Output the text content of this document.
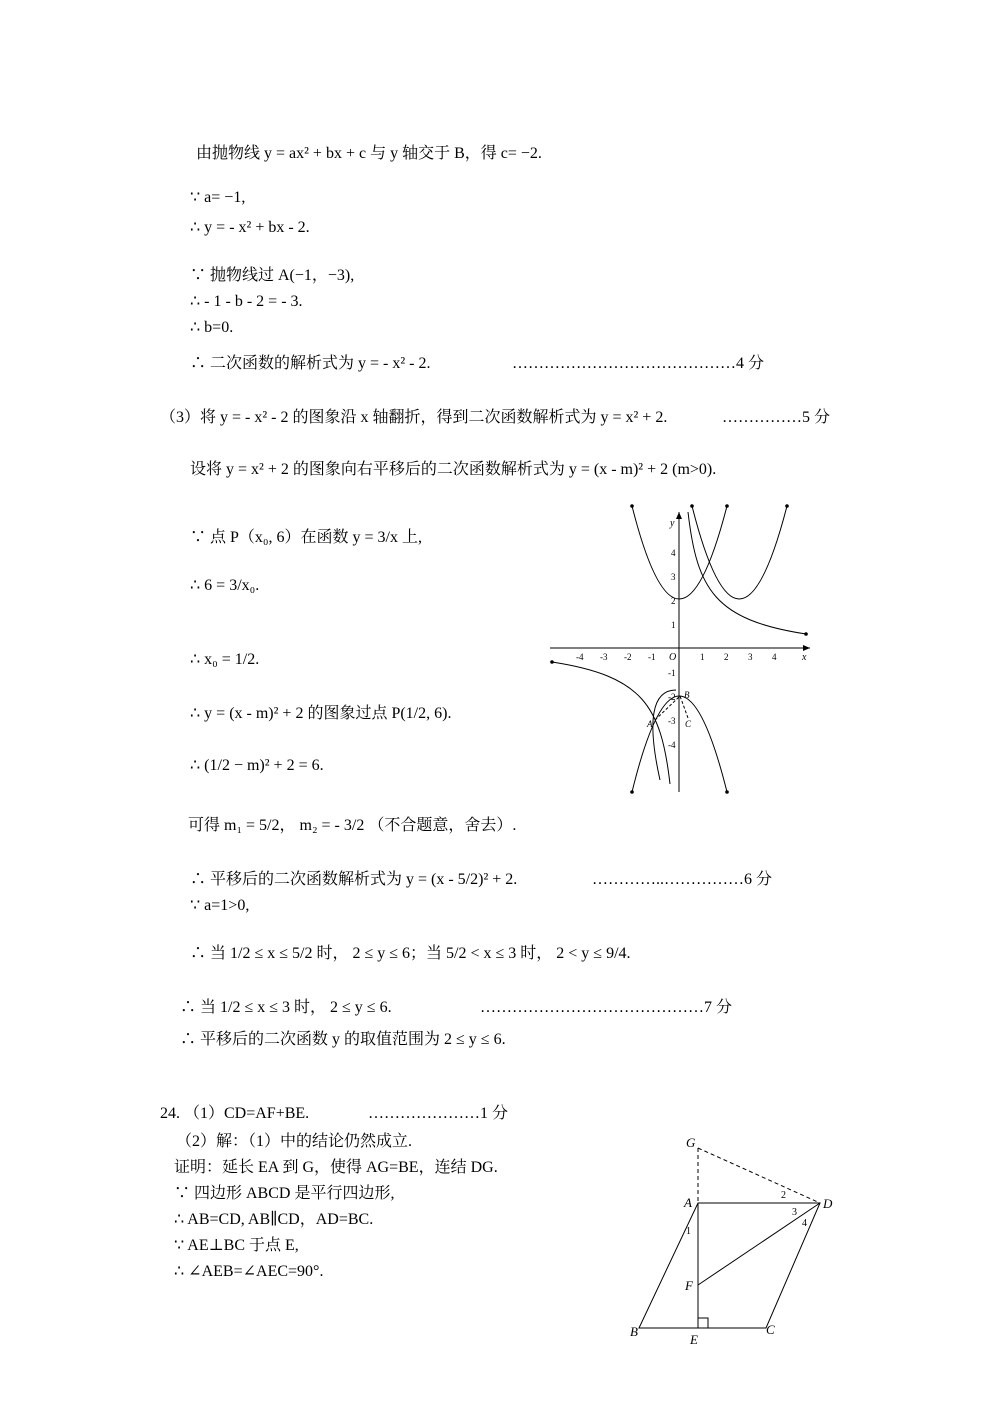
由抛物线 y = ax² + bx + c 与 y 轴交于 B，得 c= −2.
∵ a= −1,
∴ y = - x² + bx - 2.
∵ 抛物线过 A(−1，−3),
∴ - 1 - b - 2 = - 3.
∴ b=0.
∴ 二次函数的解析式为 y = - x² - 2.	……………………………………4 分
（3）将 y = - x² - 2 的图象沿 x 轴翻折，得到二次函数解析式为 y = x² + 2.	……………5 分
设将 y = x² + 2 的图象向右平移后的二次函数解析式为 y = (x - m)² + 2 (m>0).
∵ 点 P（x₀, 6）在函数 y = 3/x 上,
∴ 6 = 3/x₀.
∴ x₀ = 1/2.
∴ y = (x - m)² + 2 的图象过点 P(1/2, 6).
∴ (1/2 − m)² + 2 = 6.
可得 m₁ = 5/2， m₂ = - 3/2 （不合题意，舍去）.
∴ 平移后的二次函数解析式为 y = (x - 5/2)² + 2.	…………..……………6 分
∵ a=1>0,
∴ 当 1/2 ≤ x ≤ 5/2 时， 2 ≤ y ≤ 6；当 5/2 < x ≤ 3 时， 2 < y ≤ 9/4.
∴ 当 1/2 ≤ x ≤ 3 时， 2 ≤ y ≤ 6.	……………………………………7 分
∴ 平移后的二次函数 y 的取值范围为 2 ≤ y ≤ 6.
24. （1）CD=AF+BE.	…………………1 分
（2）解：（1）中的结论仍然成立.
证明：延长 EA 到 G，使得 AG=BE，连结 DG.
∵ 四边形 ABCD 是平行四边形,
∴ AB=CD, AB∥CD，AD=BC.
∵ AE⊥BC 于点 E,
∴ ∠AEB=∠AEC=90°.
O	x
y
-4 -3 -2 -1	1 2 3 4
4
3
2
1
-1
-2
-3
-4
A
B
C
G
A	D
F
B
E
C
1
2
3
4
